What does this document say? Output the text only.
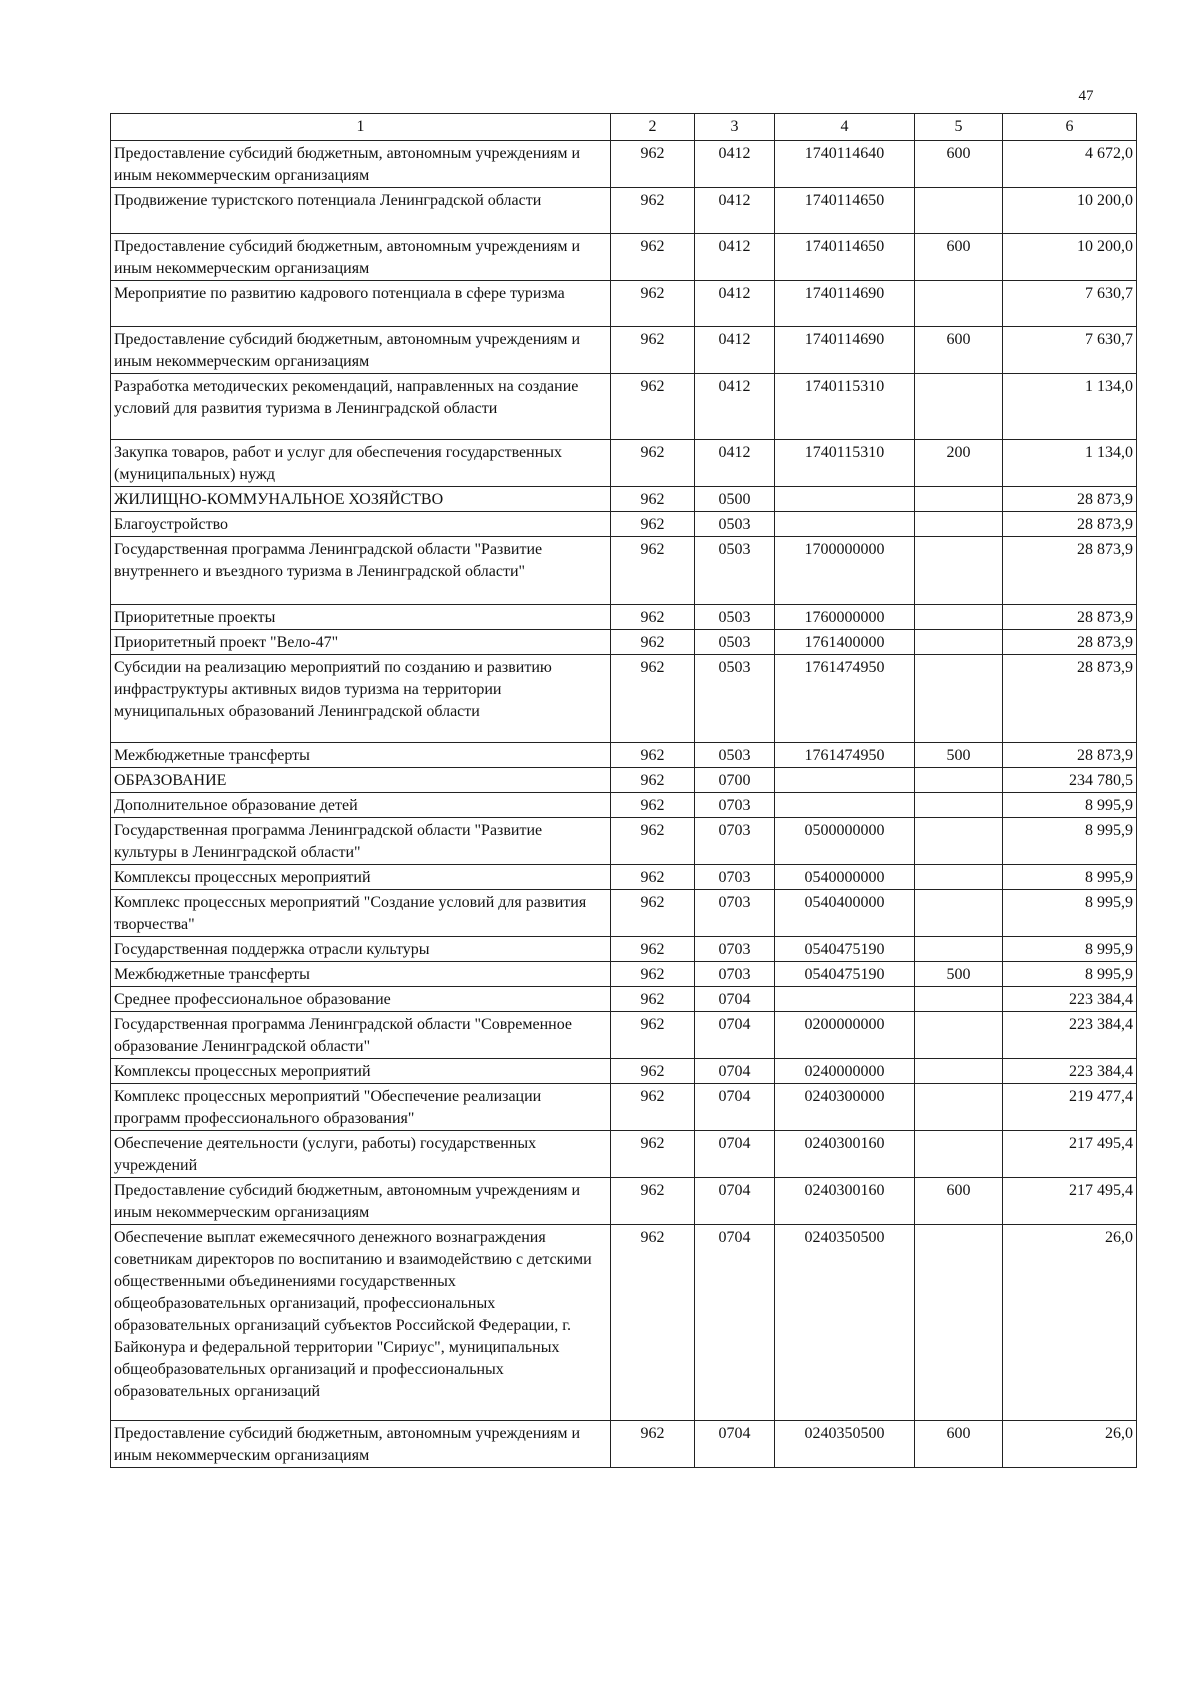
47
1	2	3	4	5	6
Предоставление субсидий бюджетным, автономным учреждениям и иным некоммерческим организациям	962	0412	1740114640	600	4 672,0
Продвижение туристского потенциала Ленинградской области	962	0412	1740114650		10 200,0
Предоставление субсидий бюджетным, автономным учреждениям и иным некоммерческим организациям	962	0412	1740114650	600	10 200,0
Мероприятие по развитию кадрового потенциала в сфере туризма	962	0412	1740114690		7 630,7
Предоставление субсидий бюджетным, автономным учреждениям и иным некоммерческим организациям	962	0412	1740114690	600	7 630,7
Разработка методических рекомендаций, направленных на создание условий для развития туризма в Ленинградской области	962	0412	1740115310		1 134,0
Закупка товаров, работ и услуг для обеспечения государственных (муниципальных) нужд	962	0412	1740115310	200	1 134,0
ЖИЛИЩНО-КОММУНАЛЬНОЕ ХОЗЯЙСТВО	962	0500			28 873,9
Благоустройство	962	0503			28 873,9
Государственная программа Ленинградской области "Развитие внутреннего и въездного туризма в Ленинградской области"	962	0503	1700000000		28 873,9
Приоритетные проекты	962	0503	1760000000		28 873,9
Приоритетный проект "Вело-47"	962	0503	1761400000		28 873,9
Субсидии на реализацию мероприятий по созданию и развитию инфраструктуры активных видов туризма на территории муниципальных образований Ленинградской области	962	0503	1761474950		28 873,9
Межбюджетные трансферты	962	0503	1761474950	500	28 873,9
ОБРАЗОВАНИЕ	962	0700			234 780,5
Дополнительное образование детей	962	0703			8 995,9
Государственная программа Ленинградской области "Развитие культуры в Ленинградской области"	962	0703	0500000000		8 995,9
Комплексы процессных мероприятий	962	0703	0540000000		8 995,9
Комплекс процессных мероприятий "Создание условий для развития творчества"	962	0703	0540400000		8 995,9
Государственная поддержка отрасли культуры	962	0703	0540475190		8 995,9
Межбюджетные трансферты	962	0703	0540475190	500	8 995,9
Среднее профессиональное образование	962	0704			223 384,4
Государственная программа Ленинградской области "Современное образование Ленинградской области"	962	0704	0200000000		223 384,4
Комплексы процессных мероприятий	962	0704	0240000000		223 384,4
Комплекс процессных мероприятий "Обеспечение реализации программ профессионального образования"	962	0704	0240300000		219 477,4
Обеспечение деятельности (услуги, работы) государственных учреждений	962	0704	0240300160		217 495,4
Предоставление субсидий бюджетным, автономным учреждениям и иным некоммерческим организациям	962	0704	0240300160	600	217 495,4
Обеспечение выплат ежемесячного денежного вознаграждения советникам директоров по воспитанию и взаимодействию с детскими общественными объединениями государственных общеобразовательных организаций, профессиональных образовательных организаций субъектов Российской Федерации, г. Байконура и федеральной территории "Сириус", муниципальных общеобразовательных организаций и профессиональных образовательных организаций	962	0704	0240350500		26,0
Предоставление субсидий бюджетным, автономным учреждениям и иным некоммерческим организациям	962	0704	0240350500	600	26,0
